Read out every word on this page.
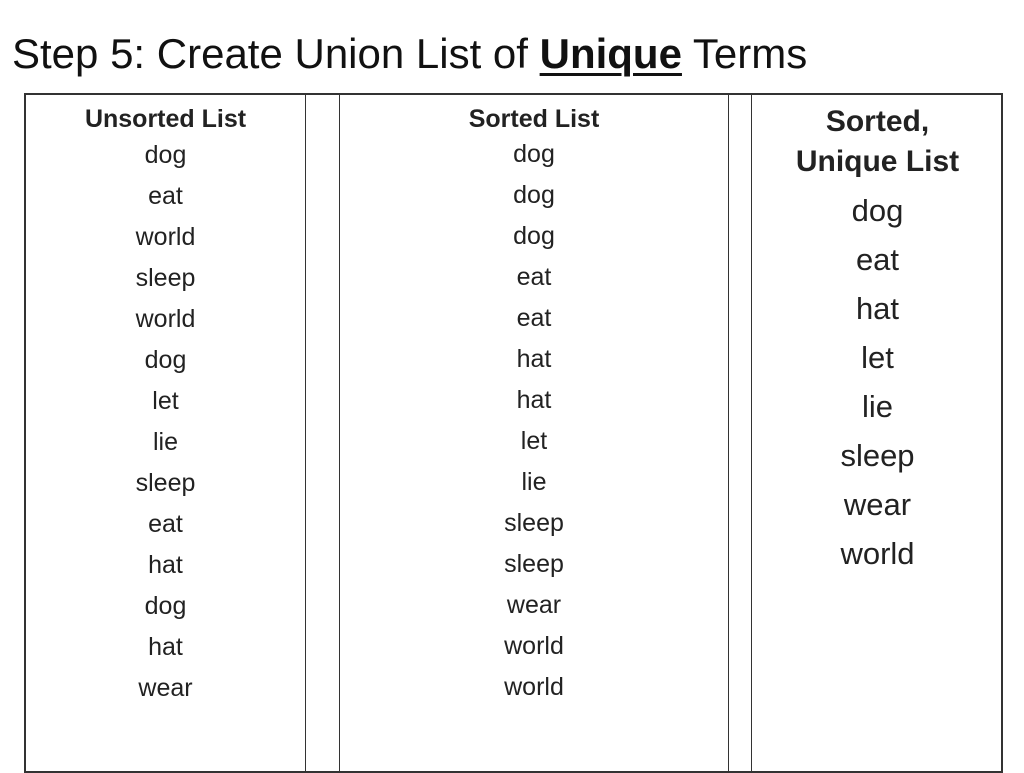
Step 5: Create Union List of Unique Terms
Unsorted List
dog
eat
world
sleep
world
dog
let
lie
sleep
eat
hat
dog
hat
wear
Sorted List
dog
dog
dog
eat
eat
hat
hat
let
lie
sleep
sleep
wear
world
world
Sorted,
Unique List
dog
eat
hat
let
lie
sleep
wear
world
